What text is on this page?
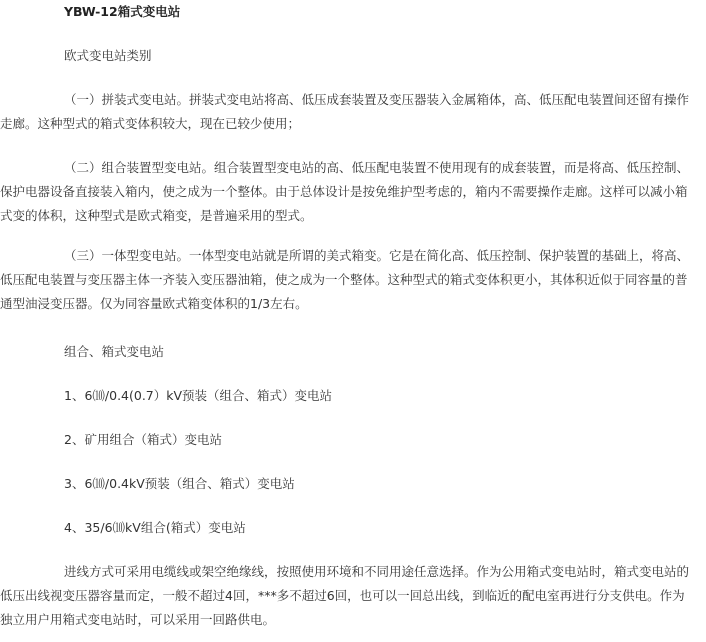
YBW-12箱式变电站

欧式变电站类别

（一）拼装式变电站。拼装式变电站将高、低压成套装置及变压器装入金属箱体，高、低压配电装置间还留有操作走廊。这种型式的箱式变体积较大，现在已较少使用；

（二）组合装置型变电站。组合装置型变电站的高、低压配电装置不使用现有的成套装置，而是将高、低压控制、保护电器设备直接装入箱内，使之成为一个整体。由于总体设计是按免维护型考虑的，箱内不需要操作走廊。这样可以减小箱式变的体积，这种型式是欧式箱变，是普遍采用的型式。

（三）一体型变电站。一体型变电站就是所谓的美式箱变。它是在简化高、低压控制、保护装置的基础上，将高、低压配电装置与变压器主体一齐装入变压器油箱，使之成为一个整体。这种型式的箱式变体积更小，其体积近似于同容量的普通型油浸变压器。仅为同容量欧式箱变体积的1/3左右。

组合、箱式变电站

1、6⑽/0.4(0.7）kV预装（组合、箱式）变电站

2、矿用组合（箱式）变电站

3、6⑽/0.4kV预装（组合、箱式）变电站

4、35/6⑽kV组合(箱式）变电站

进线方式可采用电缆线或架空绝缘线，按照使用环境和不同用途任意选择。作为公用箱式变电站时，箱式变电站的低压出线视变压器容量而定，一般不超过4回，***多不超过6回，也可以一回总出线，到临近的配电室再进行分支供电。作为独立用户用箱式变电站时，可以采用一回路供电。
